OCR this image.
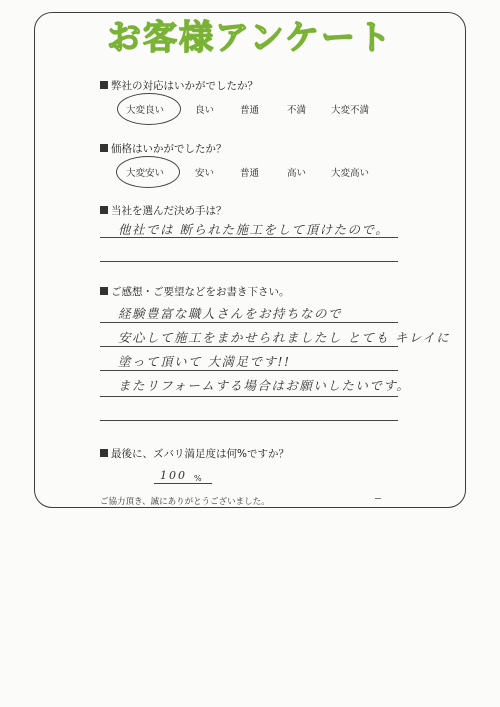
お客様アンケート
弊社の対応はいかがでしたか？
大変良い	良い	普通	不満	大変不満
価格はいかがでしたか？
大変安い	安い	普通	高い	大変高い
当社を選んだ決め手は？
他社では 断られた施工をして頂けたので。
ご感想・ご要望などをお書き下さい。
経験豊富な職人さんをお持ちなので
安心して施工をまかせられましたし とても キレイに
塗って頂いて 大満足です!!
またリフォームする場合はお願いしたいです。
最後に、ズバリ満足度は何%ですか？
100 %
ご協力頂き、誠にありがとうございました。
